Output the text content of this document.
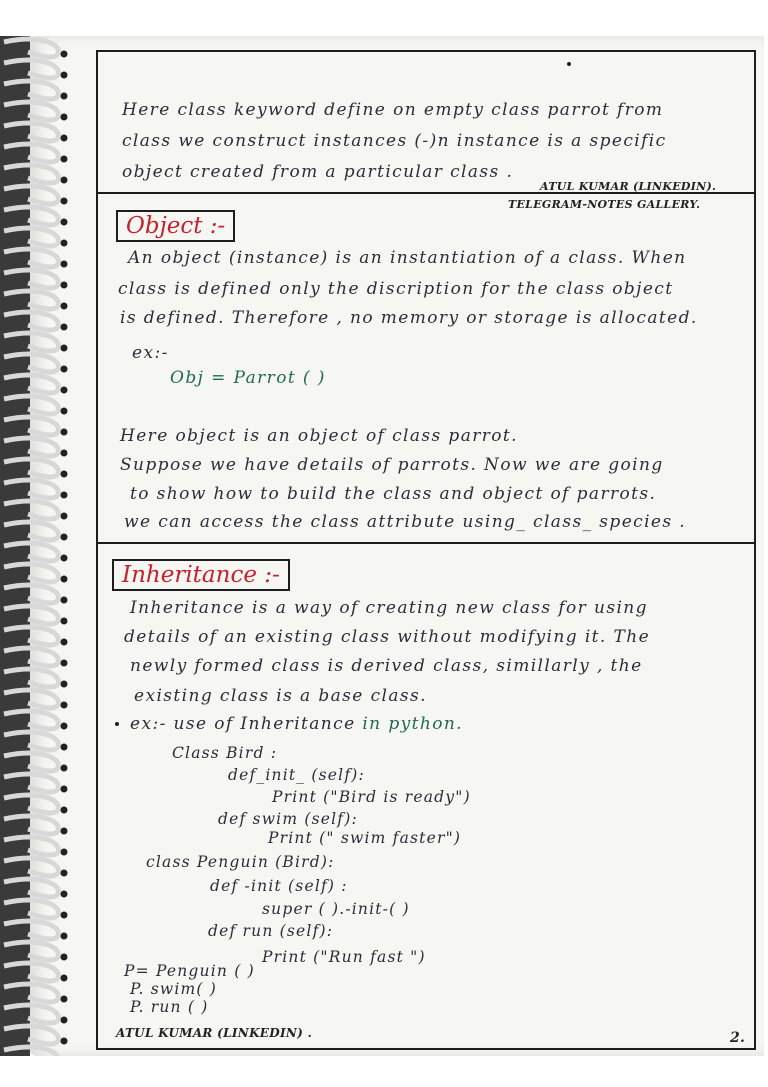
Here class keyword define on empty class parrot from
class we construct instances (-)n instance is a specific
object created from a particular class .
ATUL KUMAR (LINKEDIN).
TELEGRAM-NOTES GALLERY.
Object :-
An object (instance) is an instantiation of a class. When
class is defined only the discription for the class object
is defined. Therefore , no memory or storage is allocated.
ex:-
Obj = Parrot ( )
Here object is an object of class parrot.
Suppose we have details of parrots. Now we are going
to show how to build the class and object of parrots.
we can access the class attribute using_ class_ species .
Inheritance :-
Inheritance is a way of creating new class for using
details of an existing class without modifying it. The
newly formed class is derived class, simillarly , the
existing class is a base class.
ex:- use of Inheritance in python.
Class Bird :
def_init_ (self):
Print ("Bird is ready")
def swim (self):
Print (" swim faster")
class Penguin (Bird):
def -init (self) :
super ( ).-init-( )
def run (self):
Print ("Run fast ")
P= Penguin ( )
P. swim( )
P. run ( )
ATUL KUMAR (LINKEDIN) .	2.
